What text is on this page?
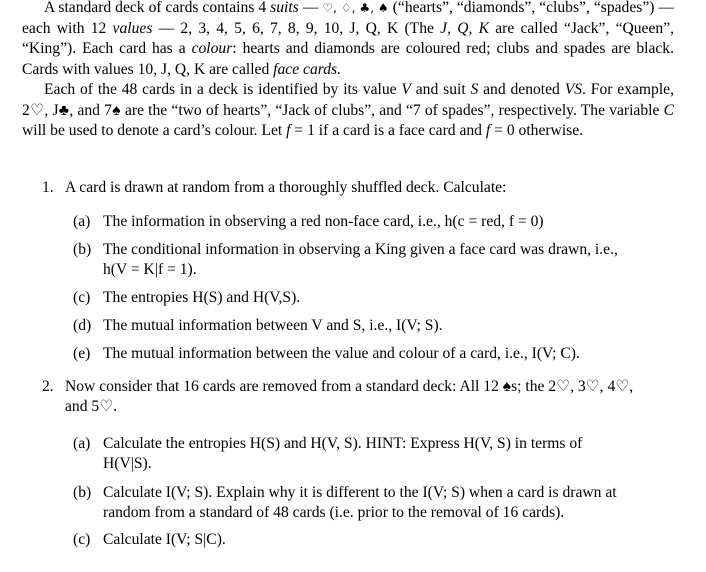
A standard deck of cards contains 4 suits — ♡, ♢, ♣, ♠ (“hearts”, “diamonds”, “clubs”, “spades”) — each with 12 values — 2, 3, 4, 5, 6, 7, 8, 9, 10, J, Q, K (The J, Q, K are called “Jack”, “Queen”, “King”). Each card has a colour: hearts and diamonds are coloured red; clubs and spades are black. Cards with values 10, J, Q, K are called face cards.

Each of the 48 cards in a deck is identified by its value V and suit S and denoted VS. For example, 2♡, J♣, and 7♠ are the “two of hearts”, “Jack of clubs”, and “7 of spades”, respectively. The variable C will be used to denote a card’s colour. Let f = 1 if a card is a face card and f = 0 otherwise.

1. A card is drawn at random from a thoroughly shuffled deck. Calculate:
(a) The information in observing a red non-face card, i.e., h(c = red, f = 0)
(b) The conditional information in observing a King given a face card was drawn, i.e.,
h(V = K|f = 1).
(c) The entropies H(S) and H(V,S).
(d) The mutual information between V and S, i.e., I(V; S).
(e) The mutual information between the value and colour of a card, i.e., I(V; C).
2. Now consider that 16 cards are removed from a standard deck: All 12 ♠s; the 2♡, 3♡, 4♡,
and 5♡.
(a) Calculate the entropies H(S) and H(V, S). HINT: Express H(V, S) in terms of
H(V|S).
(b) Calculate I(V; S). Explain why it is different to the I(V; S) when a card is drawn at
random from a standard of 48 cards (i.e. prior to the removal of 16 cards).
(c) Calculate I(V; S|C).
